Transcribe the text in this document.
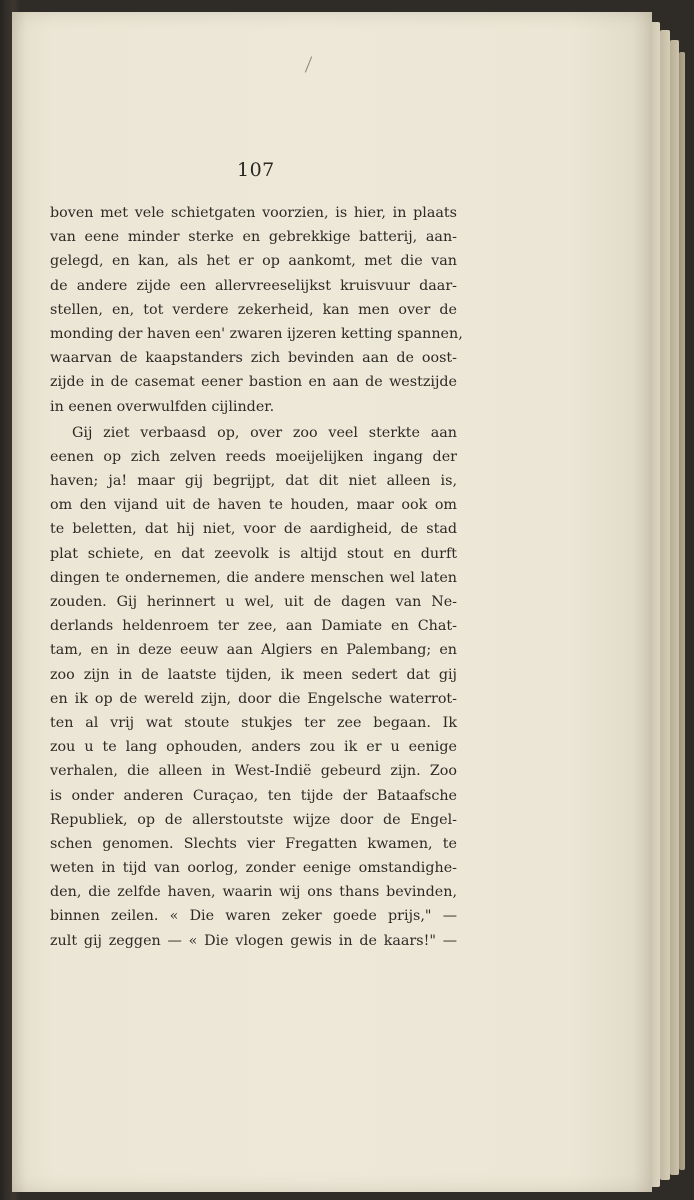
107
boven met vele schietgaten voorzien, is hier, in plaats
van eene minder sterke en gebrekkige batterij, aan-
gelegd, en kan, als het er op aankomt, met die van
de andere zijde een allervreeselijkst kruisvuur daar-
stellen, en, tot verdere zekerheid, kan men over de
monding der haven een' zwaren ijzeren ketting spannen,
waarvan de kaapstanders zich bevinden aan de oost-
zijde in de casemat eener bastion en aan de westzijde
in eenen overwulfden cijlinder.
Gij ziet verbaasd op, over zoo veel sterkte aan
eenen op zich zelven reeds moeijelijken ingang der
haven; ja! maar gij begrijpt, dat dit niet alleen is,
om den vijand uit de haven te houden, maar ook om
te beletten, dat hij niet, voor de aardigheid, de stad
plat schiete, en dat zeevolk is altijd stout en durft
dingen te ondernemen, die andere menschen wel laten
zouden. Gij herinnert u wel, uit de dagen van Ne-
derlands heldenroem ter zee, aan Damiate en Chat-
tam, en in deze eeuw aan Algiers en Palembang; en
zoo zijn in de laatste tijden, ik meen sedert dat gij
en ik op de wereld zijn, door die Engelsche waterrot-
ten al vrij wat stoute stukjes ter zee begaan. Ik
zou u te lang ophouden, anders zou ik er u eenige
verhalen, die alleen in West-Indië gebeurd zijn. Zoo
is onder anderen Curaçao, ten tijde der Bataafsche
Republiek, op de allerstoutste wijze door de Engel-
schen genomen. Slechts vier Fregatten kwamen, te
weten in tijd van oorlog, zonder eenige omstandighe-
den, die zelfde haven, waarin wij ons thans bevinden,
binnen zeilen. « Die waren zeker goede prijs," —
zult gij zeggen — « Die vlogen gewis in de kaars!" —
